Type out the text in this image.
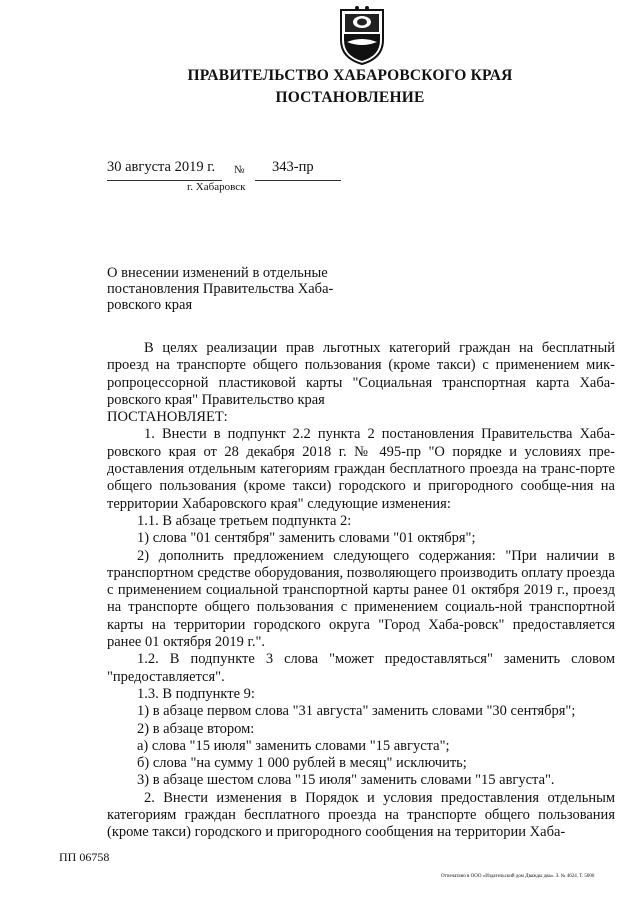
ПРАВИТЕЛЬСТВО ХАБАРОВСКОГО КРАЯ
ПОСТАНОВЛЕНИЕ
30 августа 2019 г. № 343-пр
г. Хабаровск
О внесении изменений в отдельные
постановления Правительства Хаба-
ровского края

В целях реализации прав льготных категорий граждан на бесплатный проезд на транспорте общего пользования (кроме такси) с применением мик-ропроцессорной пластиковой карты "Социальная транспортная карта Хаба-ровского края" Правительство края

ПОСТАНОВЛЯЕТ:

1. Внести в подпункт 2.2 пункта 2 постановления Правительства Хаба-ровского края от 28 декабря 2018 г. № 495-пр "О порядке и условиях пре-доставления отдельным категориям граждан бесплатного проезда на транс-порте общего пользования (кроме такси) городского и пригородного сообще-ния на территории Хабаровского края" следующие изменения:

1.1. В абзаце третьем подпункта 2:

1) слова "01 сентября" заменить словами "01 октября";

2) дополнить предложением следующего содержания: "При наличии в транспортном средстве оборудования, позволяющего производить оплату проезда с применением социальной транспортной карты ранее 01 октября 2019 г., проезд на транспорте общего пользования с применением социаль-ной транспортной карты на территории городского округа "Город Хаба-ровск" предоставляется ранее 01 октября 2019 г.".

1.2. В подпункте 3 слова "может предоставляться" заменить словом "предоставляется".

1.3. В подпункте 9:

1) в абзаце первом слова "31 августа" заменить словами "30 сентября";

2) в абзаце втором:

а) слова "15 июля" заменить словами "15 августа";

б) слова "на сумму 1 000 рублей в месяц" исключить;

3) в абзаце шестом слова "15 июля" заменить словами "15 августа".

2. Внести изменения в Порядок и условия предоставления отдельным категориям граждан бесплатного проезда на транспорте общего пользования (кроме такси) городского и пригородного сообщения на территории Хаба-

ПП 06758
Отпечатано в ООО «Издательский дом Дважды два». З. № 4624. Т. 5000
